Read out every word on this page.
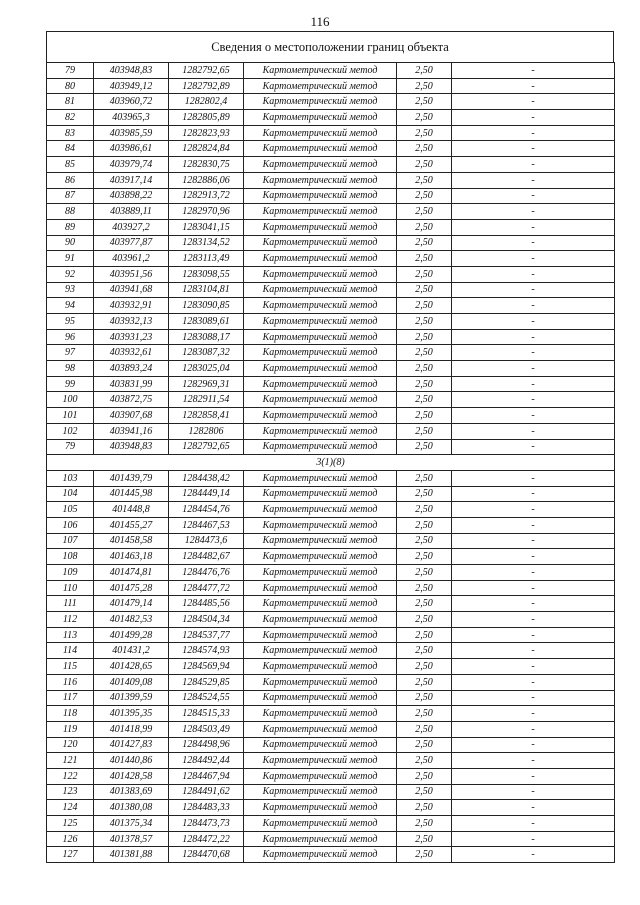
116
Сведения о местоположении границ объекта
79	403948,83	1282792,65	Картометрический метод	2,50	-
80	403949,12	1282792,89	Картометрический метод	2,50	-
81	403960,72	1282802,4	Картометрический метод	2,50	-
82	403965,3	1282805,89	Картометрический метод	2,50	-
83	403985,59	1282823,93	Картометрический метод	2,50	-
84	403986,61	1282824,84	Картометрический метод	2,50	-
85	403979,74	1282830,75	Картометрический метод	2,50	-
86	403917,14	1282886,06	Картометрический метод	2,50	-
87	403898,22	1282913,72	Картометрический метод	2,50	-
88	403889,11	1282970,96	Картометрический метод	2,50	-
89	403927,2	1283041,15	Картометрический метод	2,50	-
90	403977,87	1283134,52	Картометрический метод	2,50	-
91	403961,2	1283113,49	Картометрический метод	2,50	-
92	403951,56	1283098,55	Картометрический метод	2,50	-
93	403941,68	1283104,81	Картометрический метод	2,50	-
94	403932,91	1283090,85	Картометрический метод	2,50	-
95	403932,13	1283089,61	Картометрический метод	2,50	-
96	403931,23	1283088,17	Картометрический метод	2,50	-
97	403932,61	1283087,32	Картометрический метод	2,50	-
98	403893,24	1283025,04	Картометрический метод	2,50	-
99	403831,99	1282969,31	Картометрический метод	2,50	-
100	403872,75	1282911,54	Картометрический метод	2,50	-
101	403907,68	1282858,41	Картометрический метод	2,50	-
102	403941,16	1282806	Картометрический метод	2,50	-
79	403948,83	1282792,65	Картометрический метод	2,50	-
3(1)(8)					
103	401439,79	1284438,42	Картометрический метод	2,50	-
104	401445,98	1284449,14	Картометрический метод	2,50	-
105	401448,8	1284454,76	Картометрический метод	2,50	-
106	401455,27	1284467,53	Картометрический метод	2,50	-
107	401458,58	1284473,6	Картометрический метод	2,50	-
108	401463,18	1284482,67	Картометрический метод	2,50	-
109	401474,81	1284476,76	Картометрический метод	2,50	-
110	401475,28	1284477,72	Картометрический метод	2,50	-
111	401479,14	1284485,56	Картометрический метод	2,50	-
112	401482,53	1284504,34	Картометрический метод	2,50	-
113	401499,28	1284537,77	Картометрический метод	2,50	-
114	401431,2	1284574,93	Картометрический метод	2,50	-
115	401428,65	1284569,94	Картометрический метод	2,50	-
116	401409,08	1284529,85	Картометрический метод	2,50	-
117	401399,59	1284524,55	Картометрический метод	2,50	-
118	401395,35	1284515,33	Картометрический метод	2,50	-
119	401418,99	1284503,49	Картометрический метод	2,50	-
120	401427,83	1284498,96	Картометрический метод	2,50	-
121	401440,86	1284492,44	Картометрический метод	2,50	-
122	401428,58	1284467,94	Картометрический метод	2,50	-
123	401383,69	1284491,62	Картометрический метод	2,50	-
124	401380,08	1284483,33	Картометрический метод	2,50	-
125	401375,34	1284473,73	Картометрический метод	2,50	-
126	401378,57	1284472,22	Картометрический метод	2,50	-
127	401381,88	1284470,68	Картометрический метод	2,50	-
